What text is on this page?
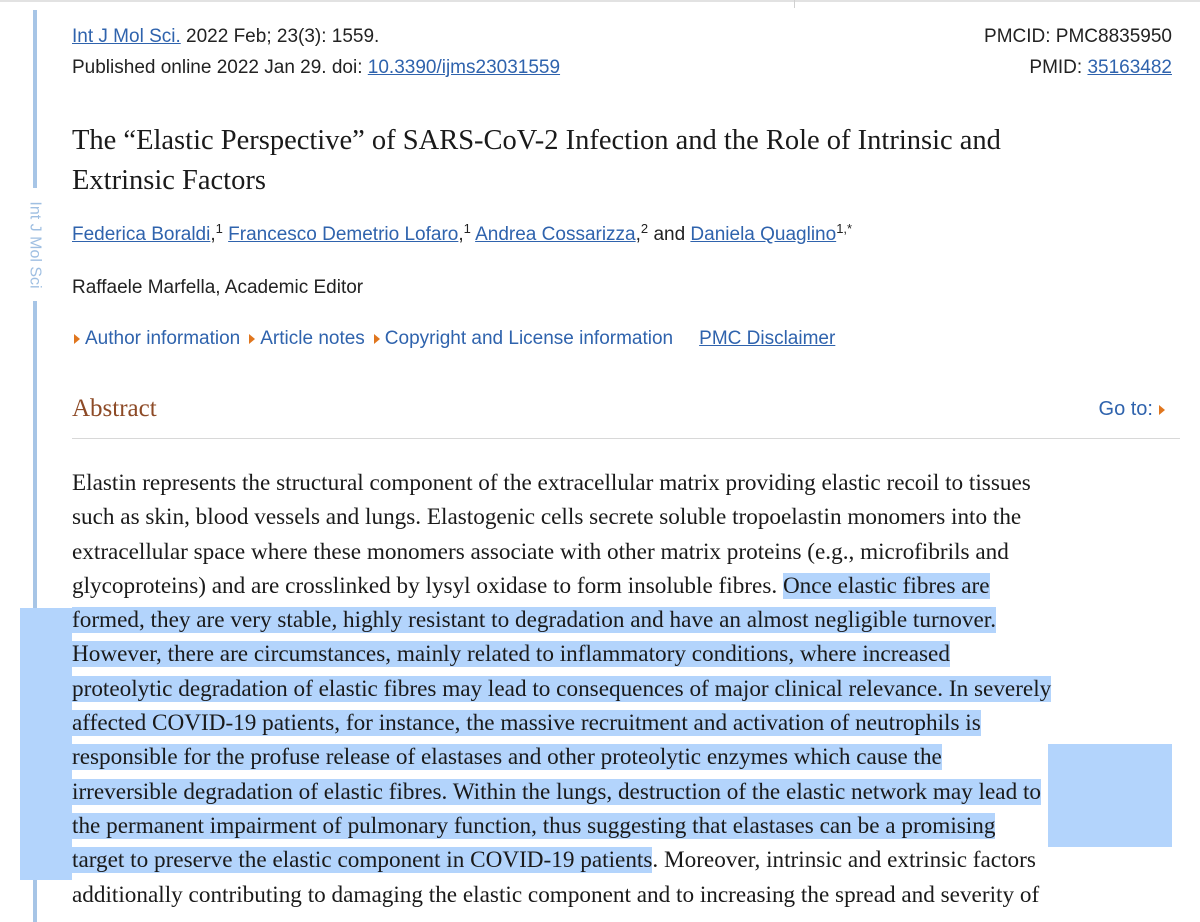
Int J Mol Sci
Int J Mol Sci. 2022 Feb; 23(3): 1559.	PMCID: PMC8835950
Published online 2022 Jan 29. doi: 10.3390/ijms23031559	PMID: 35163482
The “Elastic Perspective” of SARS-CoV-2 Infection and the Role of Intrinsic and Extrinsic Factors
Federica Boraldi,$^1$ Francesco Demetrio Lofaro,$^1$ Andrea Cossarizza,$^2$ and Daniela Quaglino$^{1,*}$
Raffaele Marfella, Academic Editor
Author information Article notes Copyright and License information PMC Disclaimer
Abstract	Go to:

Elastin represents the structural component of the extracellular matrix providing elastic recoil to tissues
such as skin, blood vessels and lungs. Elastogenic cells secrete soluble tropoelastin monomers into the
extracellular space where these monomers associate with other matrix proteins (e.g., microfibrils and
glycoproteins) and are crosslinked by lysyl oxidase to form insoluble fibres. Once elastic fibres are
formed, they are very stable, highly resistant to degradation and have an almost negligible turnover.
However, there are circumstances, mainly related to inflammatory conditions, where increased
proteolytic degradation of elastic fibres may lead to consequences of major clinical relevance. In severely
affected COVID-19 patients, for instance, the massive recruitment and activation of neutrophils is
responsible for the profuse release of elastases and other proteolytic enzymes which cause the
irreversible degradation of elastic fibres. Within the lungs, destruction of the elastic network may lead to
the permanent impairment of pulmonary function, thus suggesting that elastases can be a promising
target to preserve the elastic component in COVID-19 patients. Moreover, intrinsic and extrinsic factors
additionally contributing to damaging the elastic component and to increasing the spread and severity of
